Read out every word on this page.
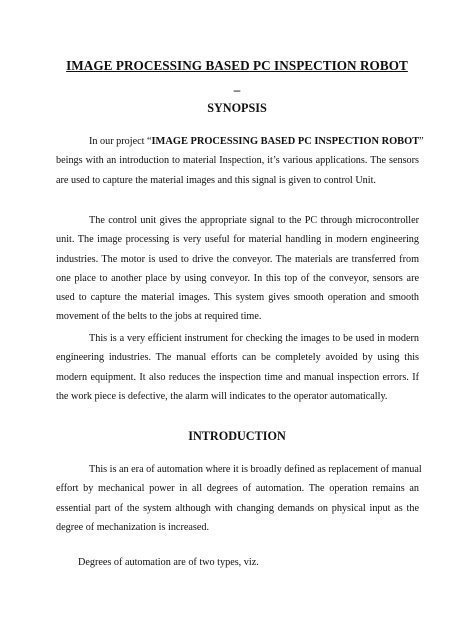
IMAGE PROCESSING BASED PC INSPECTION ROBOT
–
SYNOPSIS
In our project “IMAGE PROCESSING BASED PC INSPECTION ROBOT”
beings with an introduction to material Inspection, it’s various applications. The sensors
are used to capture the material images and this signal is given to control Unit.
The control unit gives the appropriate signal to the PC through microcontroller
unit. The image processing is very useful for material handling in modern engineering
industries. The motor is used to drive the conveyor. The materials are transferred from
one place to another place by using conveyor. In this top of the conveyor, sensors are
used to capture the material images. This system gives smooth operation and smooth
movement of the belts to the jobs at required time.
This is a very efficient instrument for checking the images to be used in modern
engineering industries. The manual efforts can be completely avoided by using this
modern equipment. It also reduces the inspection time and manual inspection errors. If
the work piece is defective, the alarm will indicates to the operator automatically.
INTRODUCTION
This is an era of automation where it is broadly defined as replacement of manual
effort by mechanical power in all degrees of automation. The operation remains an
essential part of the system although with changing demands on physical input as the
degree of mechanization is increased.
Degrees of automation are of two types, viz.
